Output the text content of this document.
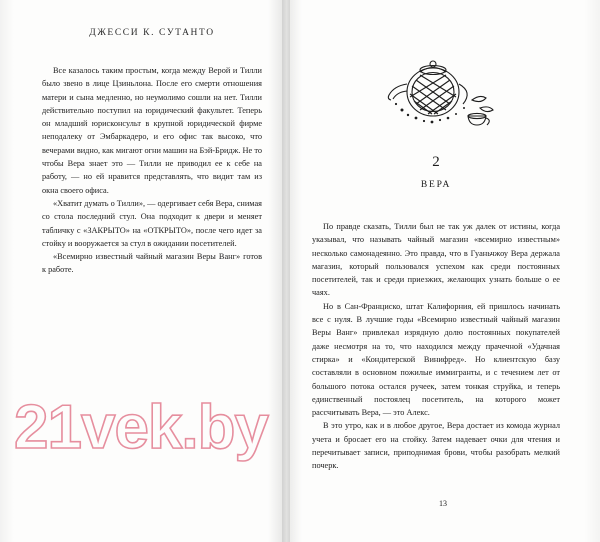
ДЖЕССИ К. СУТАНТО

Все казалось таким простым, когда между Верой и Тилли было звено в лице Цзиньлона. После его смерти отношения матери и сына медленно, но неумолимо сошли на нет. Тилли действительно поступил на юридический факультет. Теперь он младший юрисконсульт в крупной юридической фирме неподалеку от Эмбаркадеро, и его офис так высоко, что вечерами видно, как мигают огни машин на Бэй-Бридж. Не то чтобы Вера знает это — Тилли не приводил ее к себе на работу, — но ей нравится представлять, что видит там из окна своего офиса.

«Хватит думать о Тилли», — одергивает себя Вера, снимая со стола последний стул. Она подходит к двери и меняет табличку с «ЗАКРЫТО» на «ОТКРЫТО», после чего идет за стойку и вооружается за стул в ожидании посетителей.

«Всемирно известный чайный магазин Веры Ванг» готов к работе.

2
ВЕРА

По правде сказать, Тилли был не так уж далек от истины, когда указывал, что называть чайный магазин «всемирно известным» несколько самонадеянно. Это правда, что в Гуаньчжоу Вера держала магазин, который пользовался успехом как среди постоянных посетителей, так и среди приезжих, желающих узнать больше о ее чаях.

Но в Сан-Франциско, штат Калифорния, ей пришлось начинать все с нуля. В лучшие годы «Всемирно известный чайный магазин Веры Ванг» привлекал изрядную долю постоянных покупателей даже несмотря на то, что находился между прачечной «Удачная стирка» и «Кондитерской Винифред». Но клиентскую базу составляли в основном пожилые иммигранты, и с течением лет от большого потока остался ручеек, затем тонкая струйка, и теперь единственный постоялец посетитель, на которого может рассчитывать Вера, — это Алекс.

В это утро, как и в любое другое, Вера достает из комода журнал учета и бросает его на стойку. Затем надевает очки для чтения и перечитывает записи, приподнимая брови, чтобы разобрать мелкий почерк.

13
